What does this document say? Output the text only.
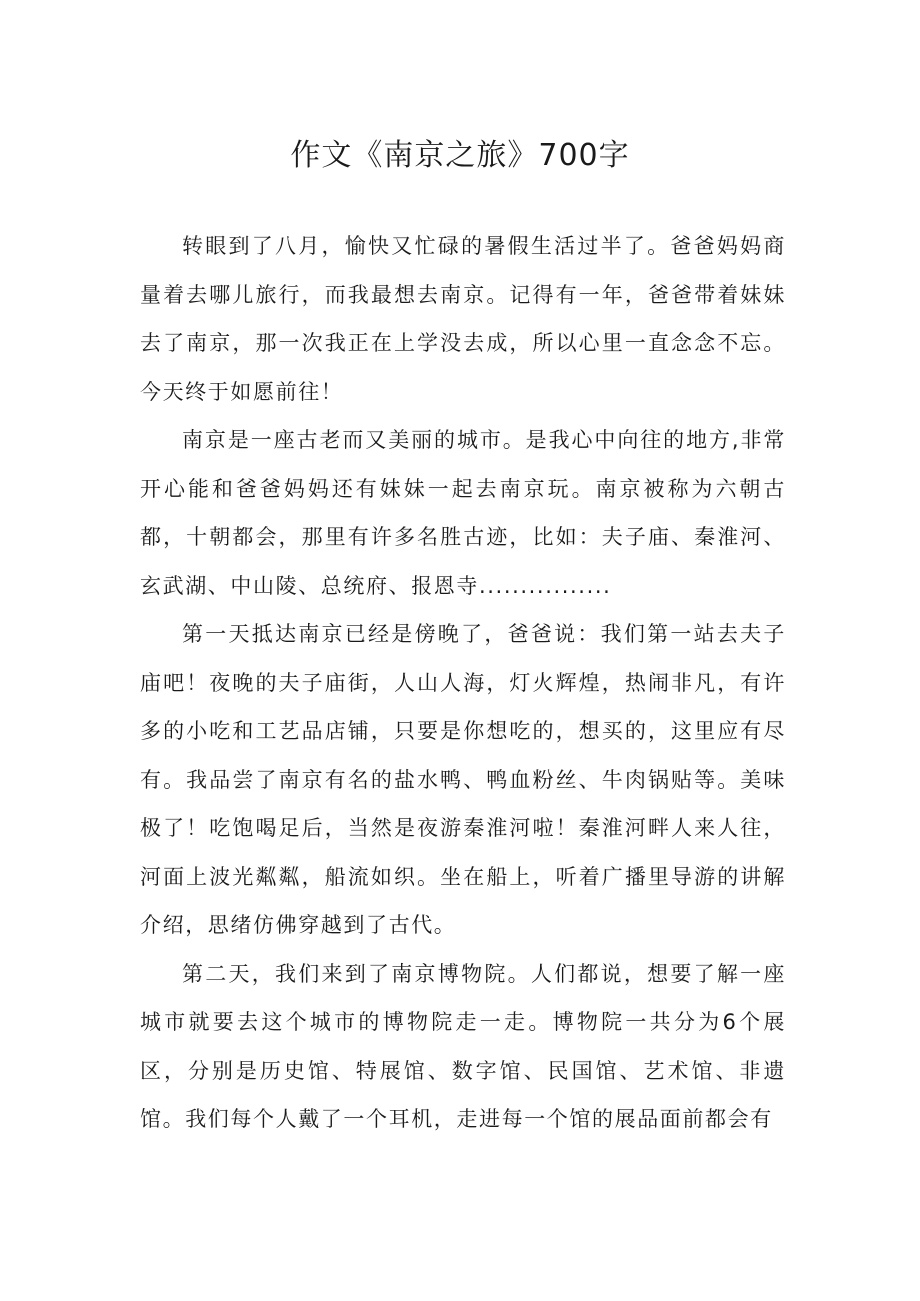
作文《南京之旅》700字

转眼到了八月，愉快又忙碌的暑假生活过半了。爸爸妈妈商量着去哪儿旅行，而我最想去南京。记得有一年，爸爸带着妹妹去了南京，那一次我正在上学没去成，所以心里一直念念不忘。今天终于如愿前往！

南京是一座古老而又美丽的城市。是我心中向往的地方,非常开心能和爸爸妈妈还有妹妹一起去南京玩。南京被称为六朝古都，十朝都会，那里有许多名胜古迹，比如：夫子庙、秦淮河、玄武湖、中山陵、总统府、报恩寺................

第一天抵达南京已经是傍晚了，爸爸说：我们第一站去夫子庙吧！夜晚的夫子庙街，人山人海，灯火辉煌，热闹非凡，有许多的小吃和工艺品店铺，只要是你想吃的，想买的，这里应有尽有。我品尝了南京有名的盐水鸭、鸭血粉丝、牛肉锅贴等。美味极了！吃饱喝足后，当然是夜游秦淮河啦！秦淮河畔人来人往，河面上波光粼粼，船流如织。坐在船上，听着广播里导游的讲解介绍，思绪仿佛穿越到了古代。

第二天，我们来到了南京博物院。人们都说，想要了解一座城市就要去这个城市的博物院走一走。博物院一共分为6个展区，分别是历史馆、特展馆、数字馆、民国馆、艺术馆、非遗馆。我们每个人戴了一个耳机，走进每一个馆的展品面前都会有
